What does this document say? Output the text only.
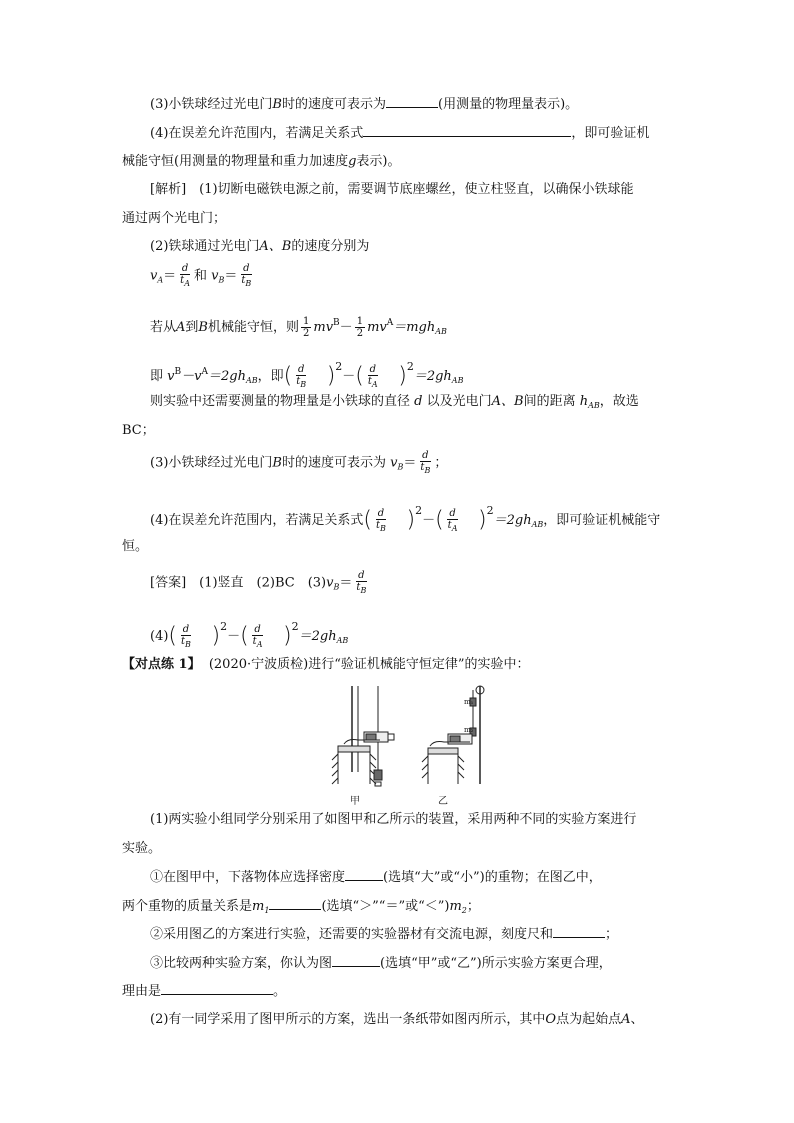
(3)小铁球经过光电门B时的速度可表示为	(用测量的物理量表示)。
(4)在误差允许范围内，若满足关系式	，即可验证机
械能守恒(用测量的物理量和重力加速度g表示)。
[解析]　(1)切断电磁铁电源之前，需要调节底座螺丝，使立柱竖直，以确保小铁球能
通过两个光电门；
(2)铁球通过光电门A、B的速度分别为
$v_A= \frac{d}{t_A}$ 和 $v_B= \frac{d}{t_B}$
若从A到B机械能守恒，则 $\frac{1}{2} mv^B- \frac{1}{2} mv^A=mgh_{AB}$
即 $v^B-v^A=2gh_{AB}$，即( $\frac{d}{t_B} )^2-( \frac{d}{t_A} )^2=2gh_{AB}$
则实验中还需要测量的物理量是小铁球的直径 d 以及光电门A、B间的距离 $h_{AB}$，故选
BC；
(3)小铁球经过光电门B时的速度可表示为 $v_B= \frac{d}{t_B}$ ；
(4)在误差允许范围内，若满足关系式( $\frac{d}{t_B} )^2-( \frac{d}{t_A} )^2=2gh_{AB}$，即可验证机械能守
恒。
[答案]　(1)竖直　(2)BC　$(3)v_B= \frac{d}{t_B}$
$(4)( \frac{d}{t_B} )^2-( \frac{d}{t_A} )^2=2gh_{AB}$
【对点练 1】 (2020·宁波质检)进行“验证机械能守恒定律”的实验中：
m₁
m₂
甲	乙
(1)两实验小组同学分别采用了如图甲和乙所示的装置，采用两种不同的实验方案进行
实验。
①在图甲中，下落物体应选择密度	(选填“大”或“小”)的重物；在图乙中，
两个重物的质量关系是$m_1$	(选填“＞”“＝”或“$<”)m_2$；
②采用图乙的方案进行实验，还需要的实验器材有交流电源，刻度尺和	；
③比较两种实验方案，你认为图	(选填“甲”或“乙”)所示实验方案更合理，
理由是	。
(2)有一同学采用了图甲所示的方案，选出一条纸带如图丙所示，其中O点为起始点A、
